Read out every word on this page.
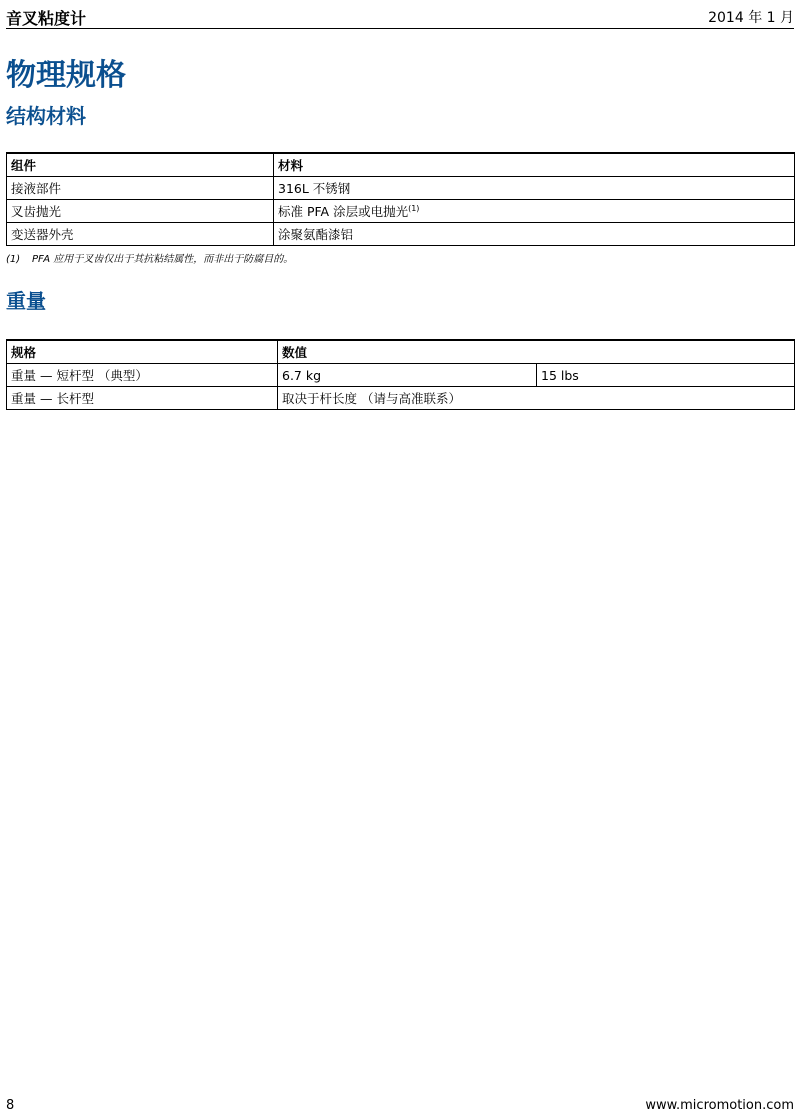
音叉粘度计	2014 年 1 月
物理规格
结构材料
组件	材料
接液部件	316L 不锈钢
叉齿抛光	标准 PFA 涂层或电抛光$^{(1)}$
变送器外壳	涂聚氨酯漆铝
(1) PFA 应用于叉齿仅出于其抗粘结属性，而非出于防腐目的。
重量
规格	数值	
重量 — 短杆型 （典型）	6.7 kg	15 lbs
重量 — 长杆型	取决于杆长度 （请与高准联系）	
8	www.micromotion.com
